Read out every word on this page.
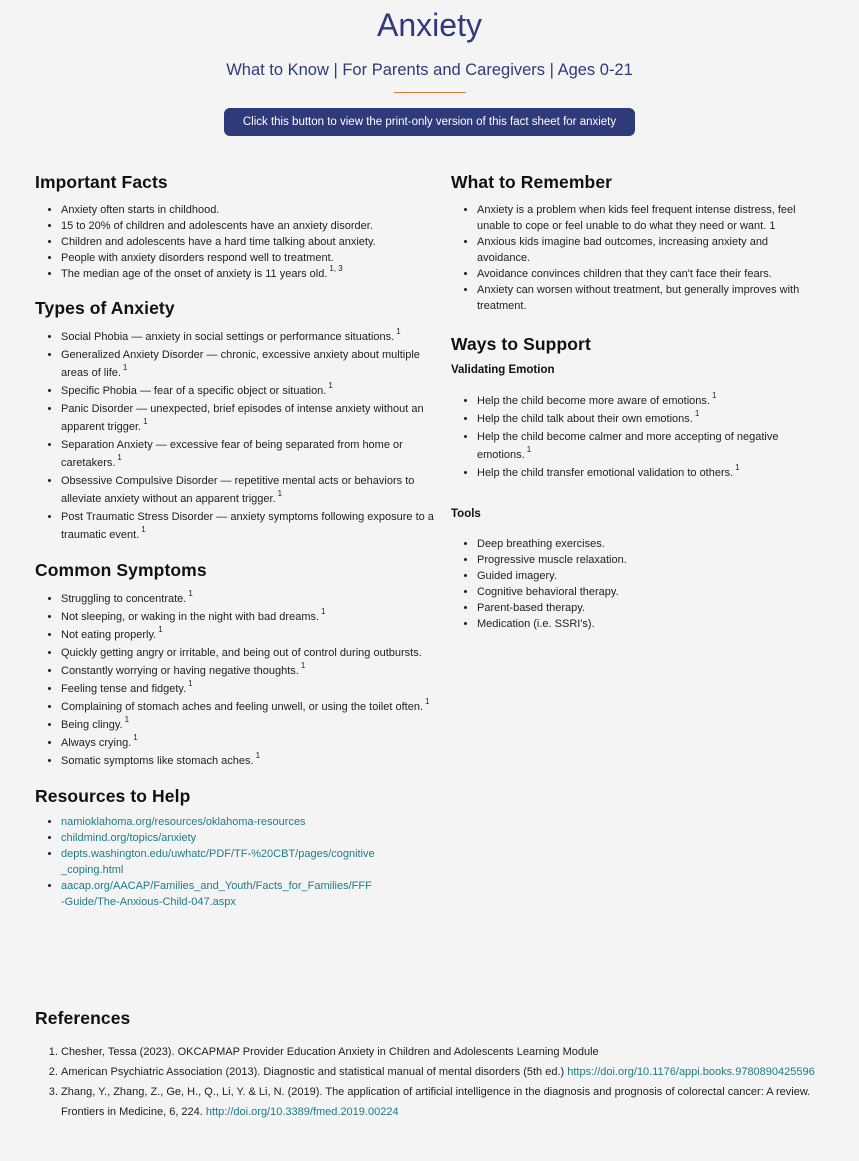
Anxiety
What to Know | For Parents and Caregivers | Ages 0-21
Click this button to view the print-only version of this fact sheet for anxiety
Important Facts
• Anxiety often starts in childhood.
• 15 to 20% of children and adolescents have an anxiety disorder.
• Children and adolescents have a hard time talking about anxiety.
• People with anxiety disorders respond well to treatment.
• The median age of the onset of anxiety is 11 years old. $^{1, 3}$
Types of Anxiety
• Social Phobia — anxiety in social settings or performance situations. $^1$
• Generalized Anxiety Disorder — chronic, excessive anxiety about multiple areas of life. $^1$
• Specific Phobia — fear of a specific object or situation. $^1$
• Panic Disorder — unexpected, brief episodes of intense anxiety without an apparent trigger. $^1$
• Separation Anxiety — excessive fear of being separated from home or caretakers. $^1$
• Obsessive Compulsive Disorder — repetitive mental acts or behaviors to alleviate anxiety without an apparent trigger. $^1$
• Post Traumatic Stress Disorder — anxiety symptoms following exposure to a traumatic event. $^1$
Common Symptoms
• Struggling to concentrate. $^1$
• Not sleeping, or waking in the night with bad dreams. $^1$
• Not eating properly. $^1$
• Quickly getting angry or irritable, and being out of control during outbursts.
• Constantly worrying or having negative thoughts. $^1$
• Feeling tense and fidgety. $^1$
• Complaining of stomach aches and feeling unwell, or using the toilet often. $^1$
• Being clingy. $^1$
• Always crying. $^1$
• Somatic symptoms like stomach aches. $^1$
Resources to Help
• namioklahoma.org/resources/oklahoma-resources
• childmind.org/topics/anxiety
• depts.washington.edu/uwhatc/PDF/TF-%20CBT/pages/cognitive_coping.html
• aacap.org/AACAP/Families_and_Youth/Facts_for_Families/FFF-Guide/The-Anxious-Child-047.aspx
What to Remember
• Anxiety is a problem when kids feel frequent intense distress, feel unable to cope or feel unable to do what they need or want. 1
• Anxious kids imagine bad outcomes, increasing anxiety and avoidance.
• Avoidance convinces children that they can't face their fears.
• Anxiety can worsen without treatment, but generally improves with treatment.
Ways to Support
Validating Emotion
• Help the child become more aware of emotions. $^1$
• Help the child talk about their own emotions. $^1$
• Help the child become calmer and more accepting of negative emotions. $^1$
• Help the child transfer emotional validation to others. $^1$
Tools
• Deep breathing exercises.
• Progressive muscle relaxation.
• Guided imagery.
• Cognitive behavioral therapy.
• Parent-based therapy.
• Medication (i.e. SSRI's).
References
1. Chesher, Tessa (2023). OKCAPMAP Provider Education Anxiety in Children and Adolescents Learning Module
2. American Psychiatric Association (2013). Diagnostic and statistical manual of mental disorders (5th ed.) https://doi.org/10.1176/appi.books.9780890425596
3. Zhang, Y., Zhang, Z., Ge, H., Q., Li, Y. & Li, N. (2019). The application of artificial intelligence in the diagnosis and prognosis of colorectal cancer: A review. Frontiers in Medicine, 6, 224. http://doi.org/10.3389/fmed.2019.00224
